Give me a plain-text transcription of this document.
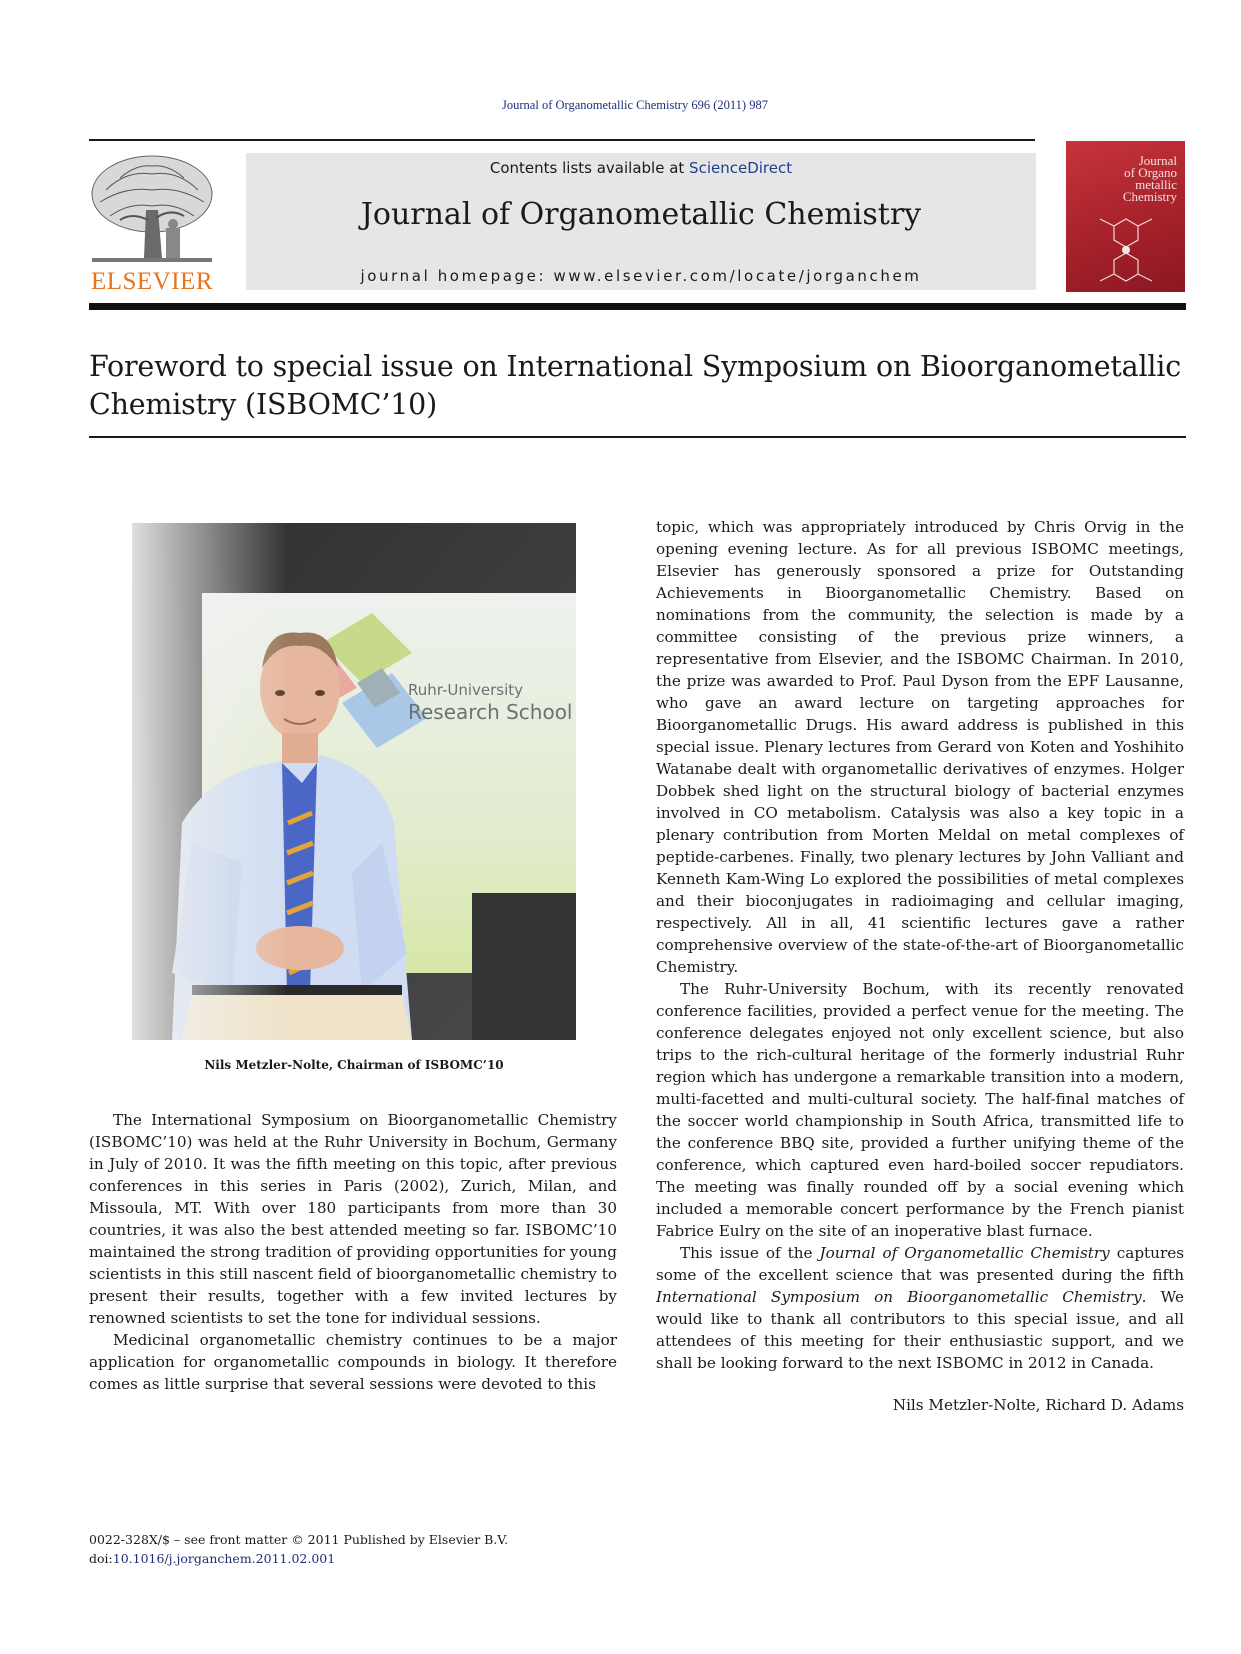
Journal of Organometallic Chemistry 696 (2011) 987
ELSEVIER
Contents lists available at ScienceDirect
Journal of Organometallic Chemistry
journal homepage: www.elsevier.com/locate/jorganchem
Journal
of Organo
metallic
Chemistry
Foreword to special issue on International Symposium on Bioorganometallic Chemistry (ISBOMC’10)
Nils Metzler-Nolte, Chairman of ISBOMC’10

The International Symposium on Bioorganometallic Chemistry (ISBOMC’10) was held at the Ruhr University in Bochum, Germany in July of 2010. It was the fifth meeting on this topic, after previous conferences in this series in Paris (2002), Zurich, Milan, and Missoula, MT. With over 180 participants from more than 30 countries, it was also the best attended meeting so far. ISBOMC’10 maintained the strong tradition of providing opportunities for young scientists in this still nascent field of bioorganometallic chemistry to present their results, together with a few invited lectures by renowned scientists to set the tone for individual sessions.

Medicinal organometallic chemistry continues to be a major application for organometallic compounds in biology. It therefore comes as little surprise that several sessions were devoted to this

topic, which was appropriately introduced by Chris Orvig in the opening evening lecture. As for all previous ISBOMC meetings, Elsevier has generously sponsored a prize for Outstanding Achievements in Bioorganometallic Chemistry. Based on nominations from the community, the selection is made by a committee consisting of the previous prize winners, a representative from Elsevier, and the ISBOMC Chairman. In 2010, the prize was awarded to Prof. Paul Dyson from the EPF Lausanne, who gave an award lecture on targeting approaches for Bioorganometallic Drugs. His award address is published in this special issue. Plenary lectures from Gerard von Koten and Yoshihito Watanabe dealt with organometallic derivatives of enzymes. Holger Dobbek shed light on the structural biology of bacterial enzymes involved in CO metabolism. Catalysis was also a key topic in a plenary contribution from Morten Meldal on metal complexes of peptide-carbenes. Finally, two plenary lectures by John Valliant and Kenneth Kam-Wing Lo explored the possibilities of metal complexes and their bioconjugates in radioimaging and cellular imaging, respectively. All in all, 41 scientific lectures gave a rather comprehensive overview of the state-of-the-art of Bioorganometallic Chemistry.

The Ruhr-University Bochum, with its recently renovated conference facilities, provided a perfect venue for the meeting. The conference delegates enjoyed not only excellent science, but also trips to the rich-cultural heritage of the formerly industrial Ruhr region which has undergone a remarkable transition into a modern, multi-facetted and multi-cultural society. The half-final matches of the soccer world championship in South Africa, transmitted life to the conference BBQ site, provided a further unifying theme of the conference, which captured even hard-boiled soccer repudiators. The meeting was finally rounded off by a social evening which included a memorable concert performance by the French pianist Fabrice Eulry on the site of an inoperative blast furnace.

This issue of the Journal of Organometallic Chemistry captures some of the excellent science that was presented during the fifth International Symposium on Bioorganometallic Chemistry. We would like to thank all contributors to this special issue, and all attendees of this meeting for their enthusiastic support, and we shall be looking forward to the next ISBOMC in 2012 in Canada.

Nils Metzler-Nolte, Richard D. Adams

0022-328X/$ – see front matter © 2011 Published by Elsevier B.V.
doi:10.1016/j.jorganchem.2011.02.001
